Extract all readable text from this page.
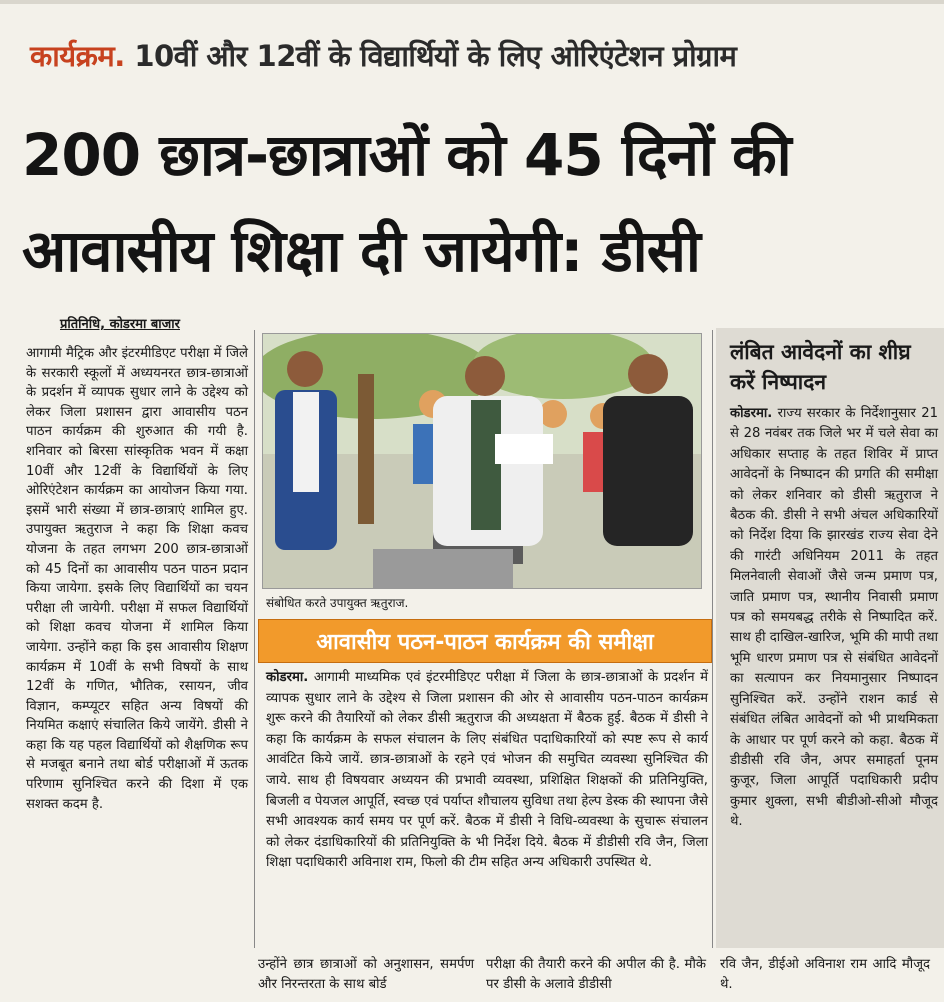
कार्यक्रम. 10वीं और 12वीं के विद्यार्थियों के लिए ओरिएंटेशन प्रोग्राम
200 छात्र-छात्राओं को 45 दिनों की
आवासीय शिक्षा दी जायेगी: डीसी
प्रतिनिधि, कोडरमा बाजार

आगामी मैट्रिक और इंटरमीडिएट परीक्षा में जिले के सरकारी स्कूलों में अध्ययनरत छात्र-छात्राओं के प्रदर्शन में व्यापक सुधार लाने के उद्देश्य को लेकर जिला प्रशासन द्वारा आवासीय पठन पाठन कार्यक्रम की शुरुआत की गयी है. शनिवार को बिरसा सांस्कृतिक भवन में कक्षा 10वीं और 12वीं के विद्यार्थियों के लिए ओरिएंटेशन कार्यक्रम का आयोजन किया गया. इसमें भारी संख्या में छात्र-छात्राएं शामिल हुए. उपायुक्त ऋतुराज ने कहा कि शिक्षा कवच योजना के तहत लगभग 200 छात्र-छात्राओं को 45 दिनों का आवासीय पठन पाठन प्रदान किया जायेगा. इसके लिए विद्यार्थियों का चयन परीक्षा ली जायेगी. परीक्षा में सफल विद्यार्थियों को शिक्षा कवच योजना में शामिल किया जायेगा. उन्होंने कहा कि इस आवासीय शिक्षण कार्यक्रम में 10वीं के सभी विषयों के साथ 12वीं के गणित, भौतिक, रसायन, जीव विज्ञान, कम्प्यूटर सहित अन्य विषयों की नियमित कक्षाएं संचालित किये जायेंगे. डीसी ने कहा कि यह पहल विद्यार्थियों को शैक्षणिक रूप से मजबूत बनाने तथा बोर्ड परीक्षाओं में ऊतक परिणाम सुनिश्चित करने की दिशा में एक सशक्त कदम है.

संबोधित करते उपायुक्त ऋतुराज.
आवासीय पठन-पाठन कार्यक्रम की समीक्षा

कोडरमा. आगामी माध्यमिक एवं इंटरमीडिएट परीक्षा में जिला के छात्र-छात्राओं के प्रदर्शन में व्यापक सुधार लाने के उद्देश्य से जिला प्रशासन की ओर से आवासीय पठन-पाठन कार्यक्रम शुरू करने की तैयारियों को लेकर डीसी ऋतुराज की अध्यक्षता में बैठक हुई. बैठक में डीसी ने कहा कि कार्यक्रम के सफल संचालन के लिए संबंधित पदाधिकारियों को स्पष्ट रूप से कार्य आवंटित किये जायें. छात्र-छात्राओं के रहने एवं भोजन की समुचित व्यवस्था सुनिश्चित की जाये. साथ ही विषयवार अध्ययन की प्रभावी व्यवस्था, प्रशिक्षित शिक्षकों की प्रतिनियुक्ति, बिजली व पेयजल आपूर्ति, स्वच्छ एवं पर्याप्त शौचालय सुविधा तथा हेल्प डेस्क की स्थापना जैसे सभी आवश्यक कार्य समय पर पूर्ण करें. बैठक में डीसी ने विधि-व्यवस्था के सुचारू संचालन को लेकर दंडाधिकारियों की प्रतिनियुक्ति के भी निर्देश दिये. बैठक में डीडीसी रवि जैन, जिला शिक्षा पदाधिकारी अविनाश राम, फिलो की टीम सहित अन्य अधिकारी उपस्थित थे.

उन्होंने छात्र छात्राओं को अनुशासन, समर्पण और निरन्तरता के साथ बोर्ड
परीक्षा की तैयारी करने की अपील की है. मौके पर डीसी के अलावे डीडीसी
रवि जैन, डीईओ अविनाश राम आदि मौजूद थे.
लंबित आवेदनों का शीघ्र करें निष्पादन

कोडरमा. राज्य सरकार के निर्देशानुसार 21 से 28 नवंबर तक जिले भर में चले सेवा का अधिकार सप्ताह के तहत शिविर में प्राप्त आवेदनों के निष्पादन की प्रगति की समीक्षा को लेकर शनिवार को डीसी ऋतुराज ने बैठक की. डीसी ने सभी अंचल अधिकारियों को निर्देश दिया कि झारखंड राज्य सेवा देने की गारंटी अधिनियम 2011 के तहत मिलनेवाली सेवाओं जैसे जन्म प्रमाण पत्र, जाति प्रमाण पत्र, स्थानीय निवासी प्रमाण पत्र को समयबद्ध तरीके से निष्पादित करें. साथ ही दाखिल-खारिज, भूमि की मापी तथा भूमि धारण प्रमाण पत्र से संबंधित आवेदनों का सत्यापन कर नियमानुसार निष्पादन सुनिश्चित करें. उन्होंने राशन कार्ड से संबंधित लंबित आवेदनों को भी प्राथमिकता के आधार पर पूर्ण करने को कहा. बैठक में डीडीसी रवि जैन, अपर समाहर्ता पूनम कुजूर, जिला आपूर्ति पदाधिकारी प्रदीप कुमार शुक्ला, सभी बीडीओ-सीओ मौजूद थे.
